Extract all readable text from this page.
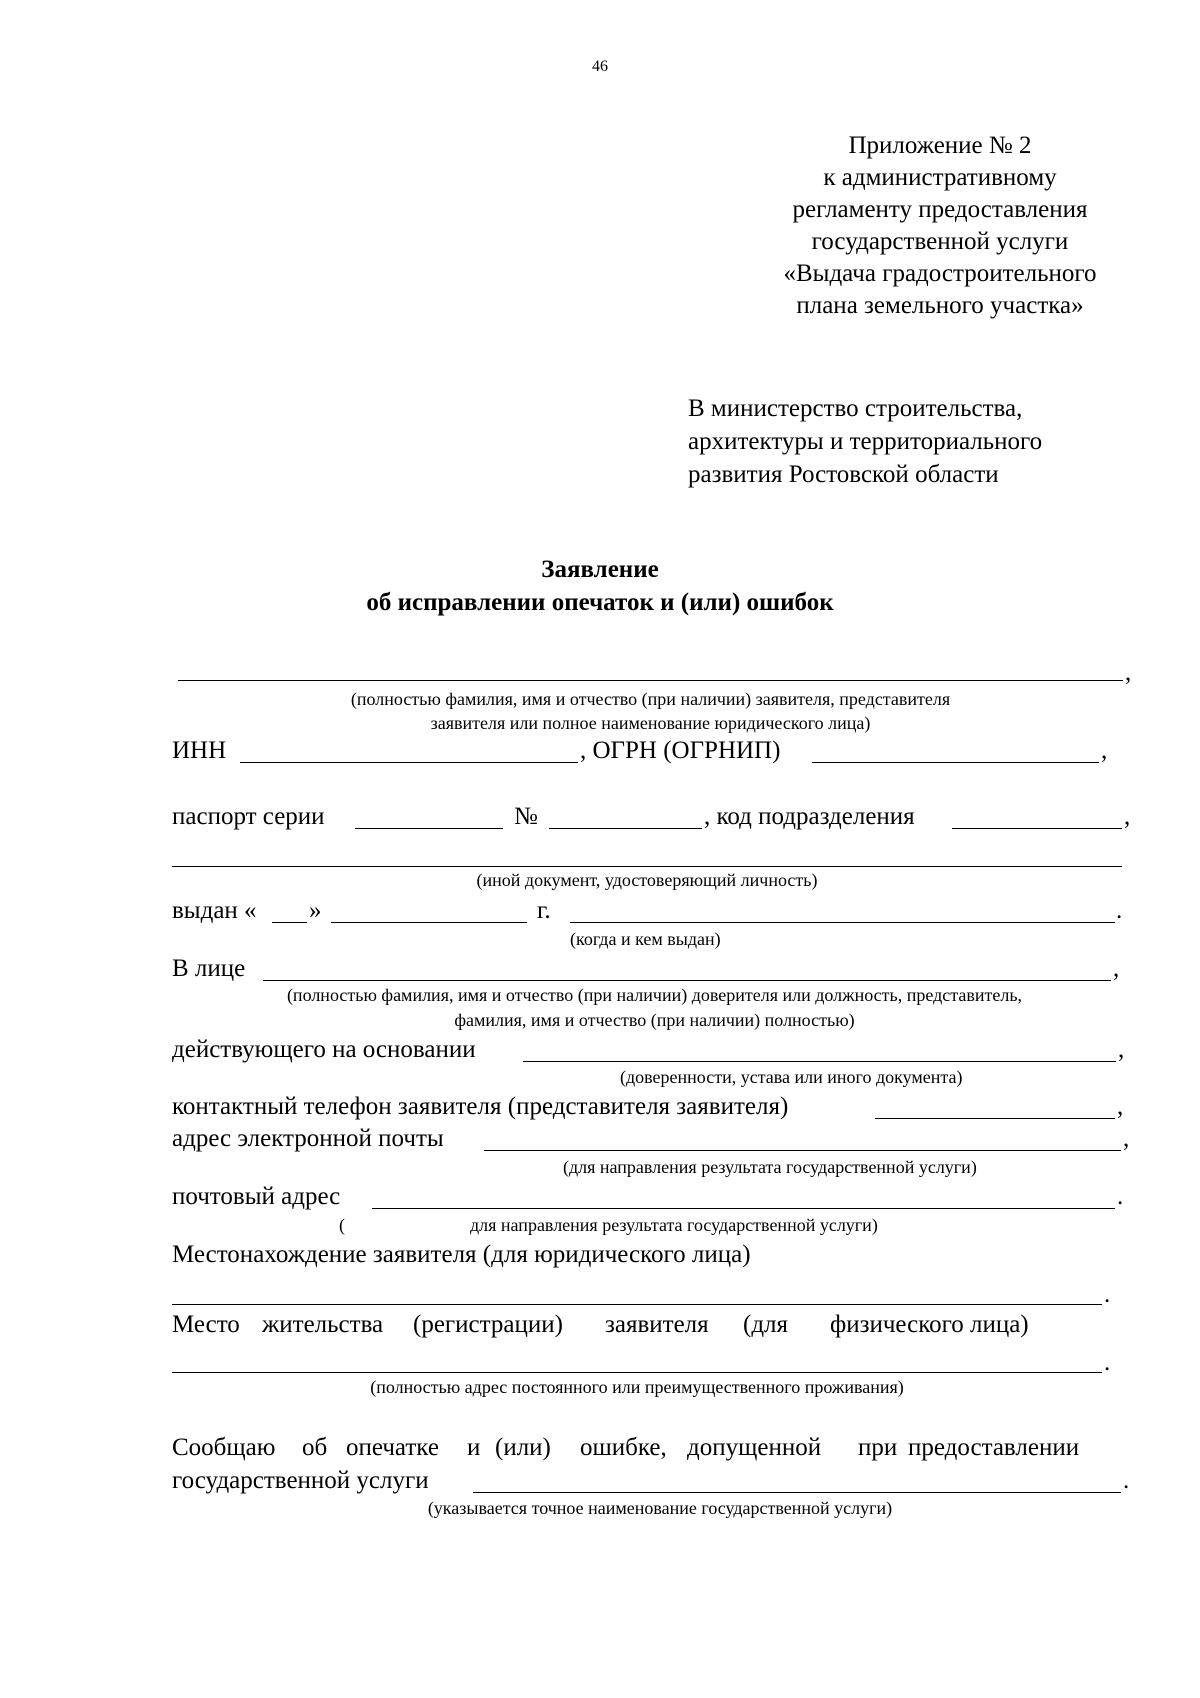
46
Приложение № 2
к административному
регламенту предоставления
государственной услуги
«Выдача градостроительного
плана земельного участка»
В министерство строительства,
архитектуры и территориального
развития Ростовской области
Заявление
об исправлении опечаток и (или) ошибок
,
(полностью фамилия, имя и отчество (при наличии) заявителя, представителя
заявителя или полное наименование юридического лица)
ИНН	, ОГРН (ОГРНИП)	,
паспорт серии	№	, код подразделения	,
(иной документ, удостоверяющий личность)
выдан « »	г.	.
(когда и кем выдан)
В лице	,
(полностью фамилия, имя и отчество (при наличии) доверителя или должность, представитель,
фамилия, имя и отчество (при наличии) полностью)
действующего на основании	,
(доверенности, устава или иного документа)
контактный телефон заявителя (представителя заявителя)	,
адрес электронной почты	,
(для направления результата государственной услуги)
почтовый адрес	.
(	для направления результата государственной услуги)
Местонахождение заявителя (для юридического лица)
.
Место жительства (регистрации) заявителя (для физического лица)
.
(полностью адрес постоянного или преимущественного проживания)
Сообщаю об опечатке и (или) ошибке, допущенной при предоставлении
государственной услуги	.
(указывается точное наименование государственной услуги)
